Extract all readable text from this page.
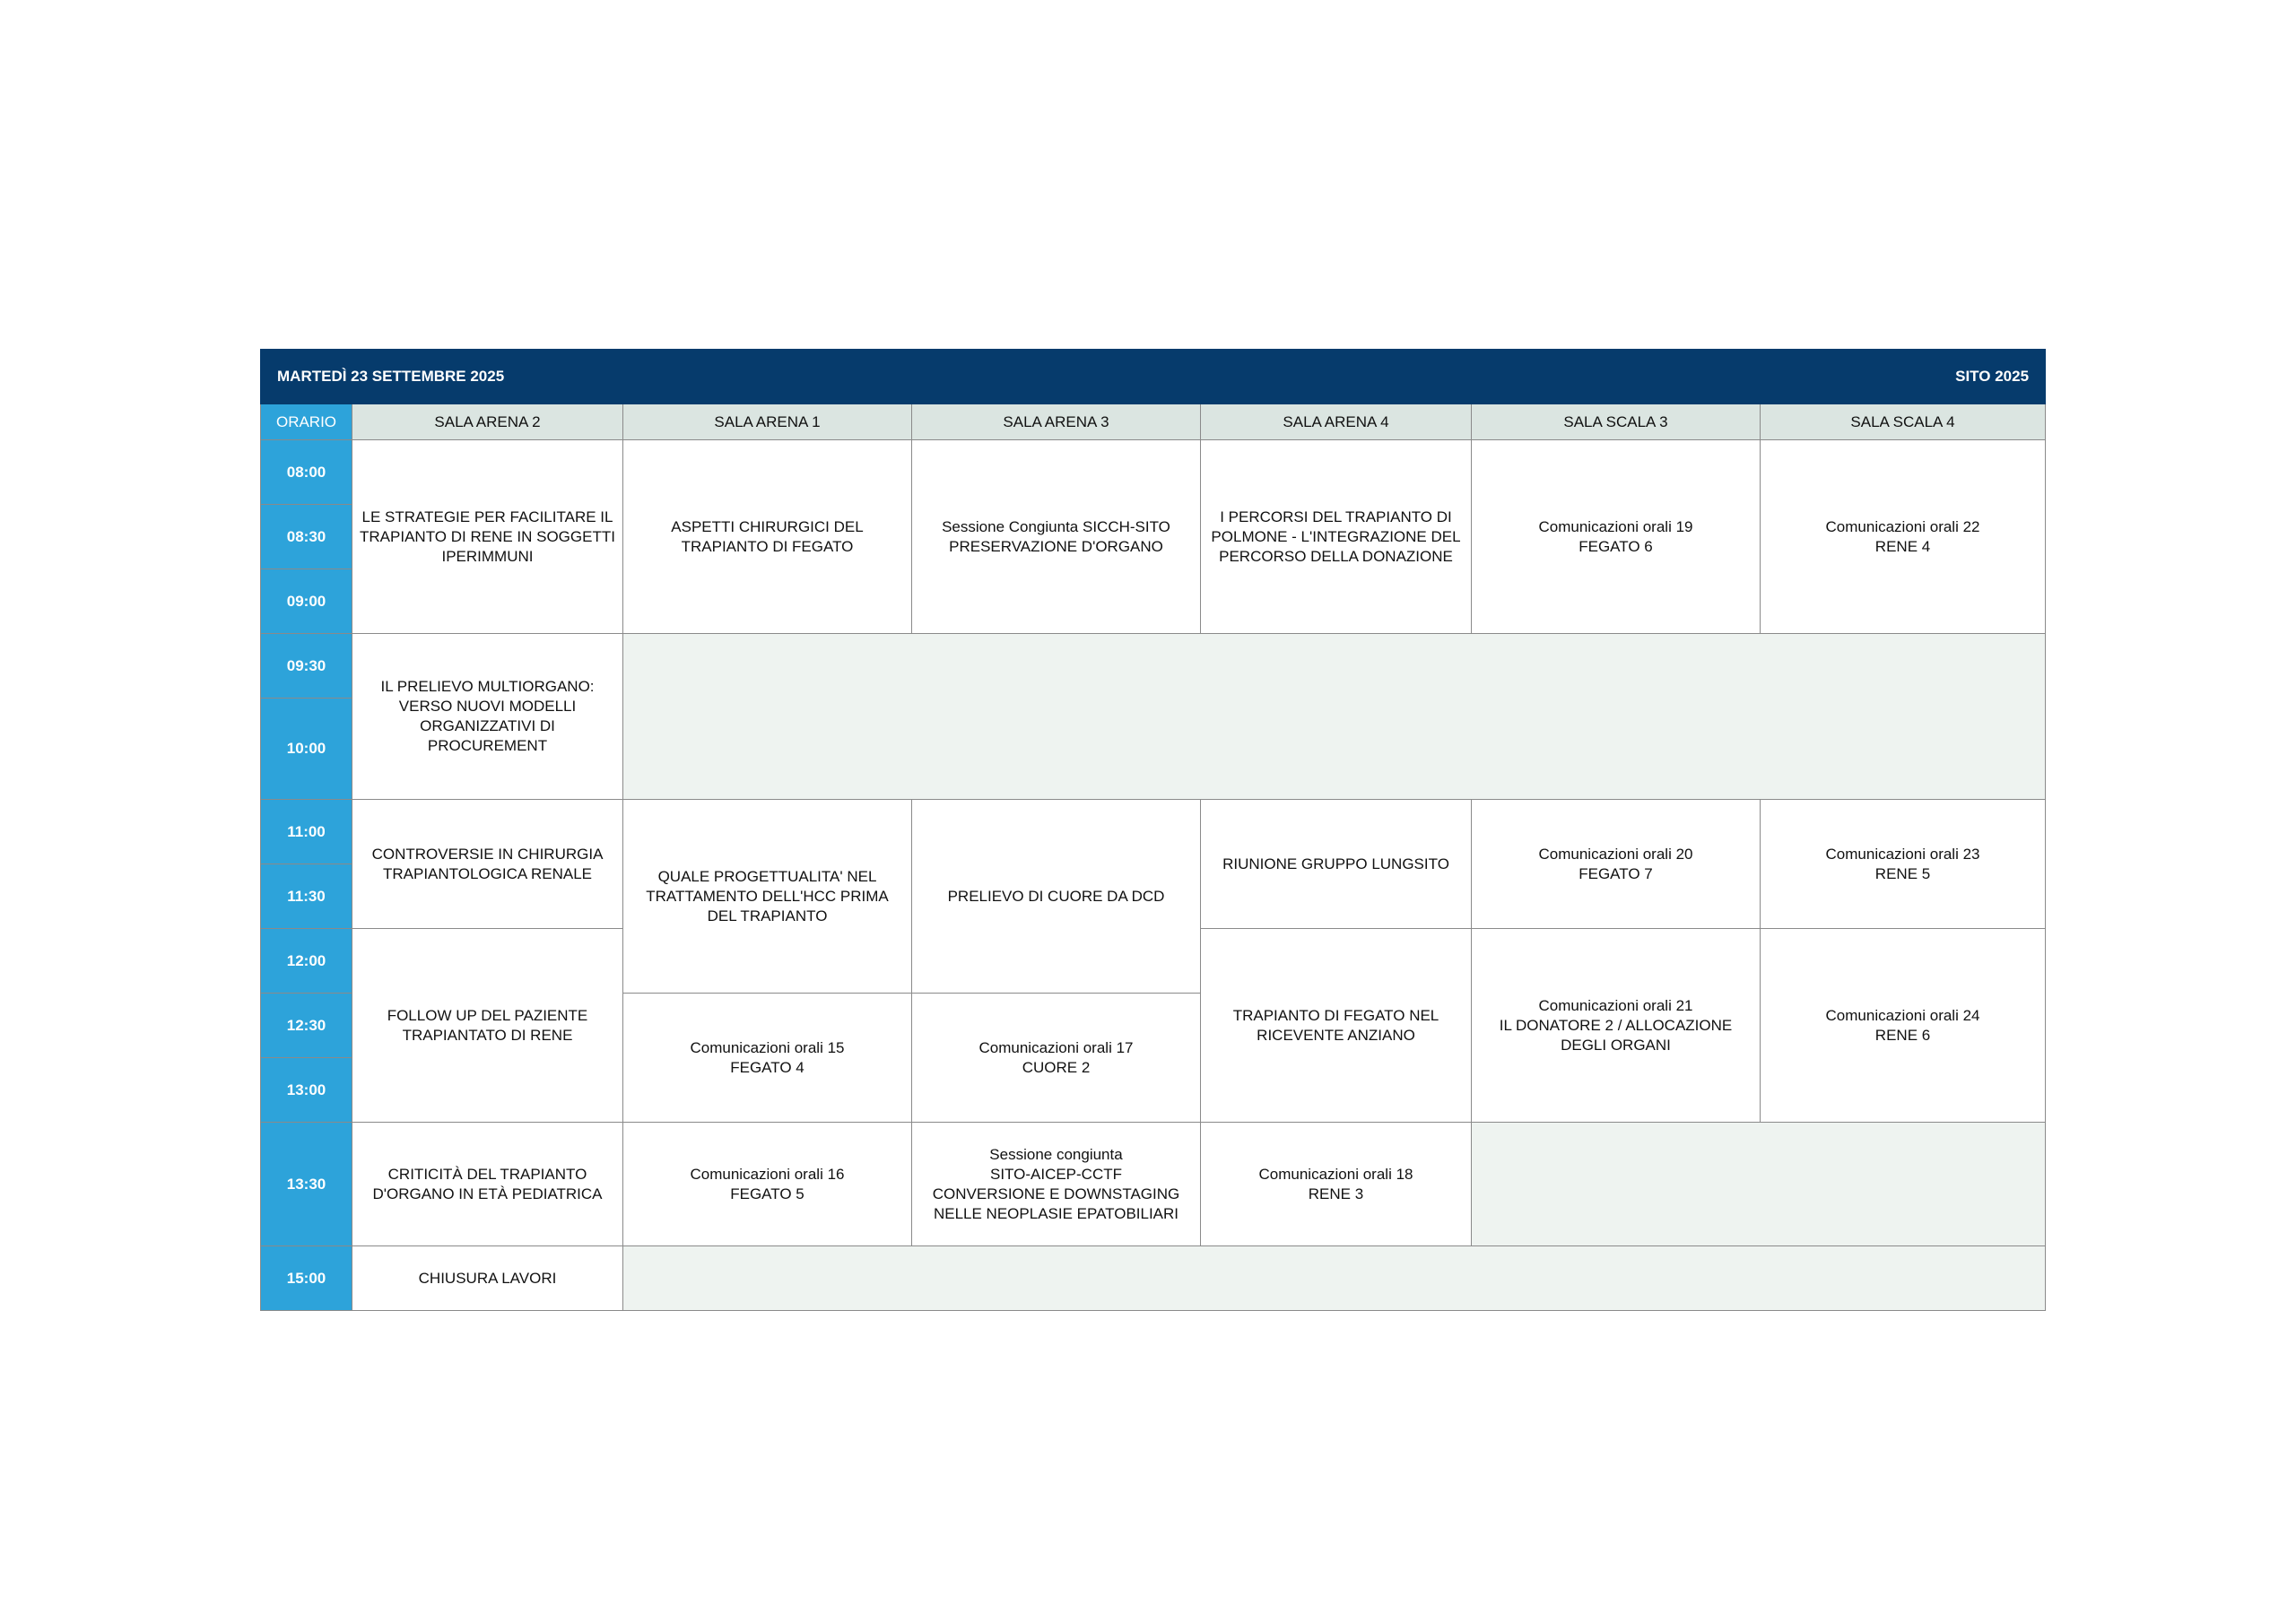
MARTEDÌ 23 SETTEMBRE 2025				SITO 2025		
ORARIO	SALA ARENA 2	SALA ARENA 1	SALA ARENA 3	SALA ARENA 4	SALA SCALA 3	SALA SCALA 4
08:00	LE STRATEGIE PER FACILITARE IL
TRAPIANTO DI RENE IN SOGGETTI
IPERIMMUNI	ASPETTI CHIRURGICI DEL
TRAPIANTO DI FEGATO	Sessione Congiunta SICCH-SITO
PRESERVAZIONE D'ORGANO	I PERCORSI DEL TRAPIANTO DI
POLMONE - L'INTEGRAZIONE DEL
PERCORSO DELLA DONAZIONE	Comunicazioni orali 19
FEGATO 6	Comunicazioni orali 22
RENE 4

08:30						
09:00						
09:30	IL PRELIEVO MULTIORGANO:
VERSO NUOVI MODELLI
ORGANIZZATIVI DI
PROCUREMENT					

10:00						
11:00	CONTROVERSIE IN CHIRURGIA
TRAPIANTOLOGICA RENALE	QUALE PROGETTUALITA' NEL
TRATTAMENTO DELL'HCC PRIMA
DEL TRAPIANTO	PRELIEVO DI CUORE DA DCD	RIUNIONE GRUPPO LUNGSITO	Comunicazioni orali 20
FEGATO 7	Comunicazioni orali 23
RENE 5

11:30						
12:00	FOLLOW UP DEL PAZIENTE
TRAPIANTATO DI RENE			TRAPIANTO DI FEGATO NEL
RICEVENTE ANZIANO	Comunicazioni orali 21
IL DONATORE 2 / ALLOCAZIONE
DEGLI ORGANI	Comunicazioni orali 24
RENE 6

12:30		Comunicazioni orali 15
FEGATO 4	Comunicazioni orali 17
CUORE 2			

13:00						
13:30	CRITICITÀ DEL TRAPIANTO
D'ORGANO IN ETÀ PEDIATRICA	Comunicazioni orali 16
FEGATO 5	Sessione congiunta
SITO-AICEP-CCTF
CONVERSIONE E DOWNSTAGING
NELLE NEOPLASIE EPATOBILIARI	Comunicazioni orali 18
RENE 3		

15:00	CHIUSURA LAVORI					
